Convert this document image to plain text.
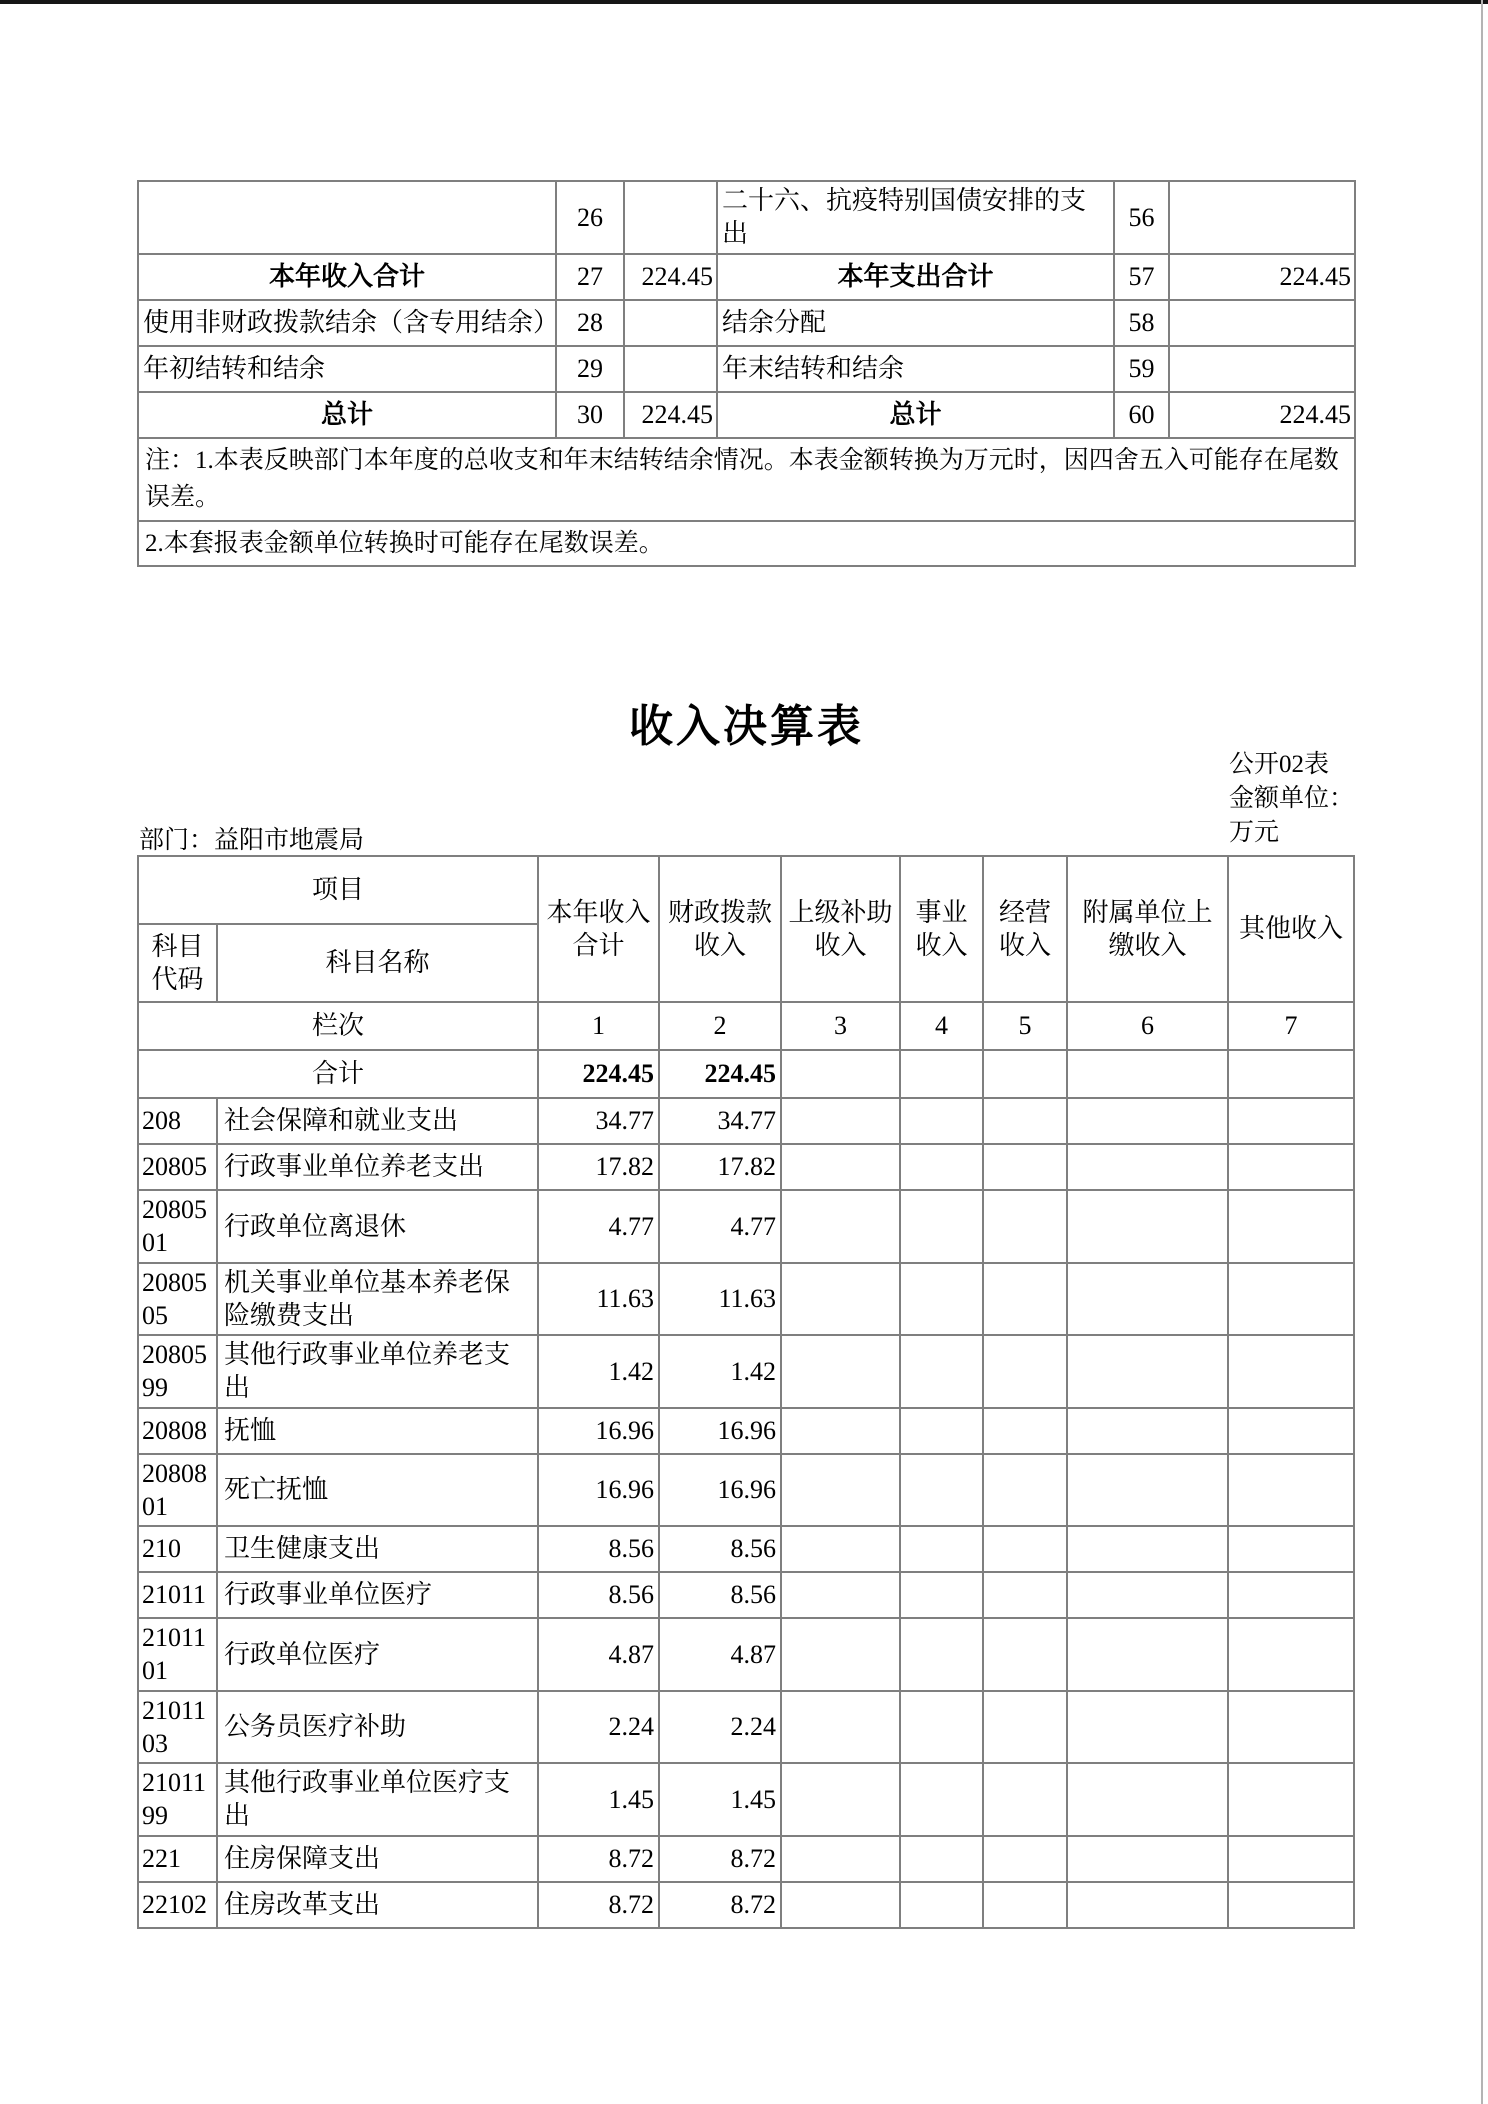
	26		二十六、抗疫特别国债安排的支出	56	
本年收入合计	27	224.45	本年支出合计	57	224.45
使用非财政拨款结余（含专用结余）	28		结余分配	58	
年初结转和结余	29		年末结转和结余	59	
总计	30	224.45	总计	60	224.45
注：1.本表反映部门本年度的总收支和年末结转结余情况。本表金额转换为万元时，因四舍五入可能存在尾数误差。					
2.本套报表金额单位转换时可能存在尾数误差。					
收入决算表
公开02表
金额单位：
万元
部门：益阳市地震局
项目		本年收入合计	财政拨款收入	上级补助收入	事业收入	经营收入	附属单位上缴收入	其他收入
科目代码	科目名称							
栏次		1	2	3	4	5	6	7
合计		224.45	224.45					
208	社会保障和就业支出	34.77	34.77					
20805	行政事业单位养老支出	17.82	17.82					
2080501	行政单位离退休	4.77	4.77					
2080505	机关事业单位基本养老保险缴费支出	11.63	11.63					
2080599	其他行政事业单位养老支出	1.42	1.42					
20808	抚恤	16.96	16.96					
2080801	死亡抚恤	16.96	16.96					
210	卫生健康支出	8.56	8.56					
21011	行政事业单位医疗	8.56	8.56					
2101101	行政单位医疗	4.87	4.87					
2101103	公务员医疗补助	2.24	2.24					
2101199	其他行政事业单位医疗支出	1.45	1.45					
221	住房保障支出	8.72	8.72					
22102	住房改革支出	8.72	8.72					
